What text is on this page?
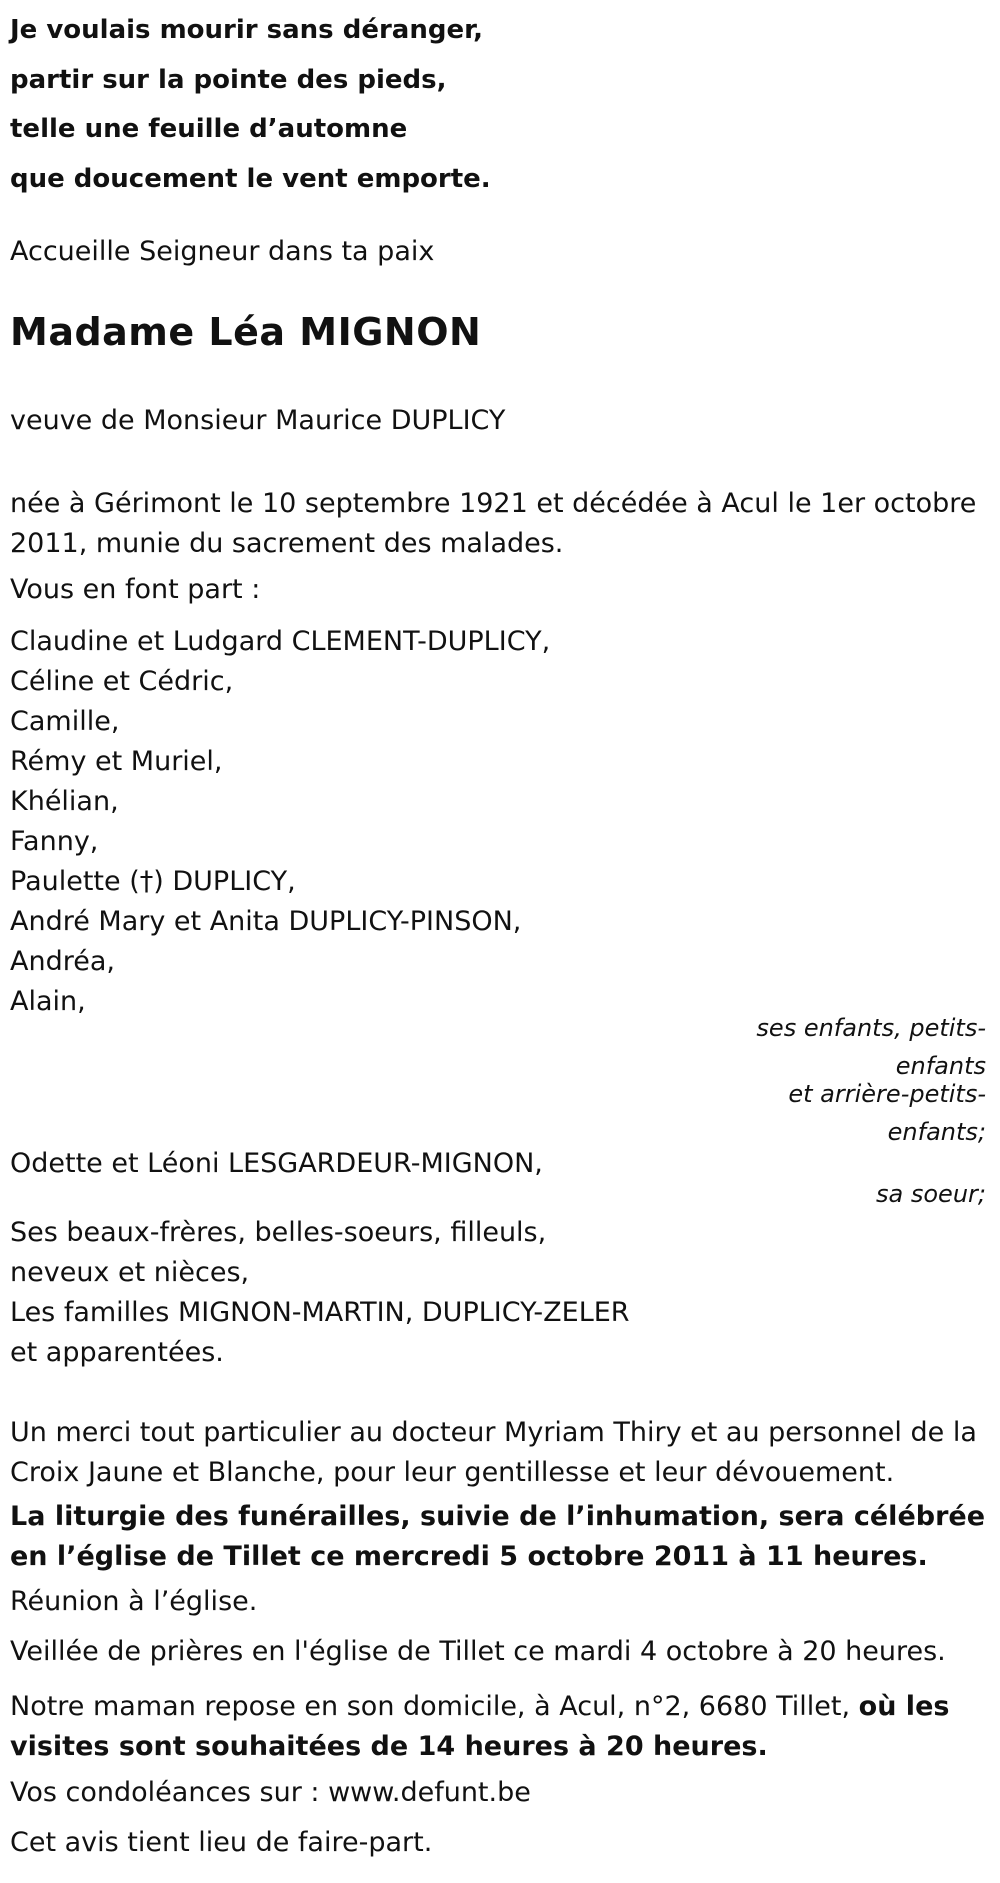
Je voulais mourir sans déranger,
partir sur la pointe des pieds,
telle une feuille d’automne
que doucement le vent emporte.
Accueille Seigneur dans ta paix
Madame Léa MIGNON
veuve de Monsieur Maurice DUPLICY
née à Gérimont le 10 septembre 1921 et décédée à Acul le 1er octobre 2011, munie du sacrement des malades.
Vous en font part :
Claudine et Ludgard CLEMENT-DUPLICY,
Céline et Cédric,
Camille,
Rémy et Muriel,
Khélian,
Fanny,
Paulette (†) DUPLICY,
André Mary et Anita DUPLICY-PINSON,
Andréa,
Alain,
ses enfants, petits-enfants
et arrière-petits-enfants;
Odette et Léoni LESGARDEUR-MIGNON,
sa soeur;
Ses beaux-frères, belles-soeurs, filleuls,
neveux et nièces,
Les familles MIGNON-MARTIN, DUPLICY-ZELER
et apparentées.
Un merci tout particulier au docteur Myriam Thiry et au personnel de la Croix Jaune et Blanche, pour leur gentillesse et leur dévouement.
La liturgie des funérailles, suivie de l’inhumation, sera célébrée en l’église de Tillet ce mercredi 5 octobre 2011 à 11 heures.
Réunion à l’église.
Veillée de prières en l'église de Tillet ce mardi 4 octobre à 20 heures.
Notre maman repose en son domicile, à Acul, n°2, 6680 Tillet, où les visites sont souhaitées de 14 heures à 20 heures.
Vos condoléances sur : www.defunt.be
Cet avis tient lieu de faire-part.
